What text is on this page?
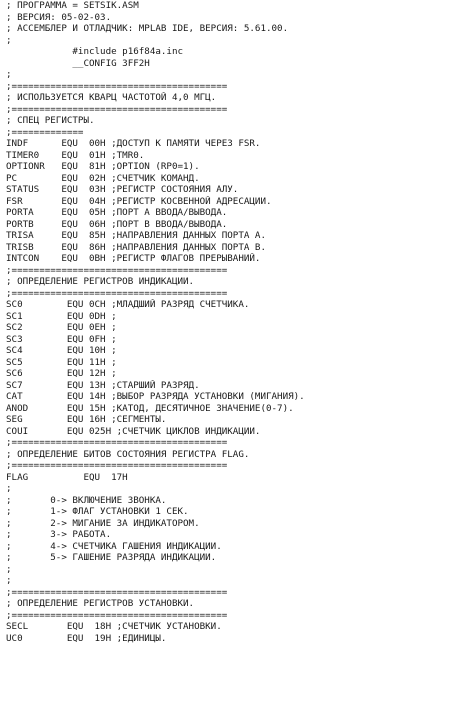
; ПРОГРАММА = SETSIK.ASM
; ВЕРСИЯ: 05-02-03.
; АССЕМБЛЕР И ОТЛАДЧИК: MPLAB IDE, ВЕРСИЯ: 5.61.00.
;
#include p16f84a.inc
__CONFIG 3FF2H
;
;=======================================
; ИСПОЛЬЗУЕТСЯ КВАРЦ ЧАСТОТОЙ 4,0 МГЦ.
;=======================================
; СПЕЦ РЕГИСТРЫ.
;=============
INDF      EQU  00H ;ДОСТУП К ПАМЯТИ ЧЕРЕЗ FSR.
TIMER0    EQU  01H ;TMR0.
OPTIONR   EQU  81H ;OPTION (RP0=1).
PC        EQU  02H ;СЧЕТЧИК КОМАНД.
STATUS    EQU  03H ;РЕГИСТР СОСТОЯНИЯ АЛУ.
FSR       EQU  04H ;РЕГИСТР КОСВЕННОЙ АДРЕСАЦИИ.
PORTA     EQU  05H ;ПОРТ А ВВОДА/ВЫВОДА.
PORTB     EQU  06H ;ПОРТ В ВВОДА/ВЫВОДА.
TRISA     EQU  85H ;НАПРАВЛЕНИЯ ДАННЫХ ПОРТА А.
TRISB     EQU  86H ;НАПРАВЛЕНИЯ ДАННЫХ ПОРТА В.
INTCON    EQU  0BH ;РЕГИСТР ФЛАГОВ ПРЕРЫВАНИЙ.
;=======================================
; ОПРЕДЕЛЕНИЕ РЕГИСТРОВ ИНДИКАЦИИ.
;=======================================
SC0        EQU 0CH ;МЛАДШИЙ РАЗРЯД СЧЕТЧИКА.
SC1        EQU 0DH ;
SC2        EQU 0EH ;
SC3        EQU 0FH ;
SC4        EQU 10H ;
SC5        EQU 11H ;
SC6        EQU 12H ;
SC7        EQU 13H ;СТАРШИЙ РАЗРЯД.
CAT        EQU 14H ;ВЫБОР РАЗРЯДА УСТАНОВКИ (МИГАНИЯ).
ANOD       EQU 15H ;КАТОД, ДЕСЯТИЧНОЕ ЗНАЧЕНИЕ(0-7).
SEG        EQU 16H ;СЕГМЕНТЫ.
COUI       EQU 025H ;СЧЕТЧИК ЦИКЛОВ ИНДИКАЦИИ.
;=======================================
; ОПРЕДЕЛЕНИЕ БИТОВ СОСТОЯНИЯ РЕГИСТРА FLAG.
;=======================================
FLAG          EQU  17H
;
;       0-> ВКЛЮЧЕНИЕ ЗВОНКА.
;       1-> ФЛАГ УСТАНОВКИ 1 СЕК.
;       2-> МИГАНИЕ ЗА ИНДИКАТОРОМ.
;       3-> РАБОТА.
;       4-> СЧЕТЧИКА ГАШЕНИЯ ИНДИКАЦИИ.
;       5-> ГАШЕНИЕ РАЗРЯДА ИНДИКАЦИИ.
;
;
;=======================================
; ОПРЕДЕЛЕНИЕ РЕГИСТРОВ УСТАНОВКИ.
;=======================================
SECL       EQU  18H ;СЧЕТЧИК УСТАНОВКИ.
UC0        EQU  19H ;ЕДИНИЦЫ.
